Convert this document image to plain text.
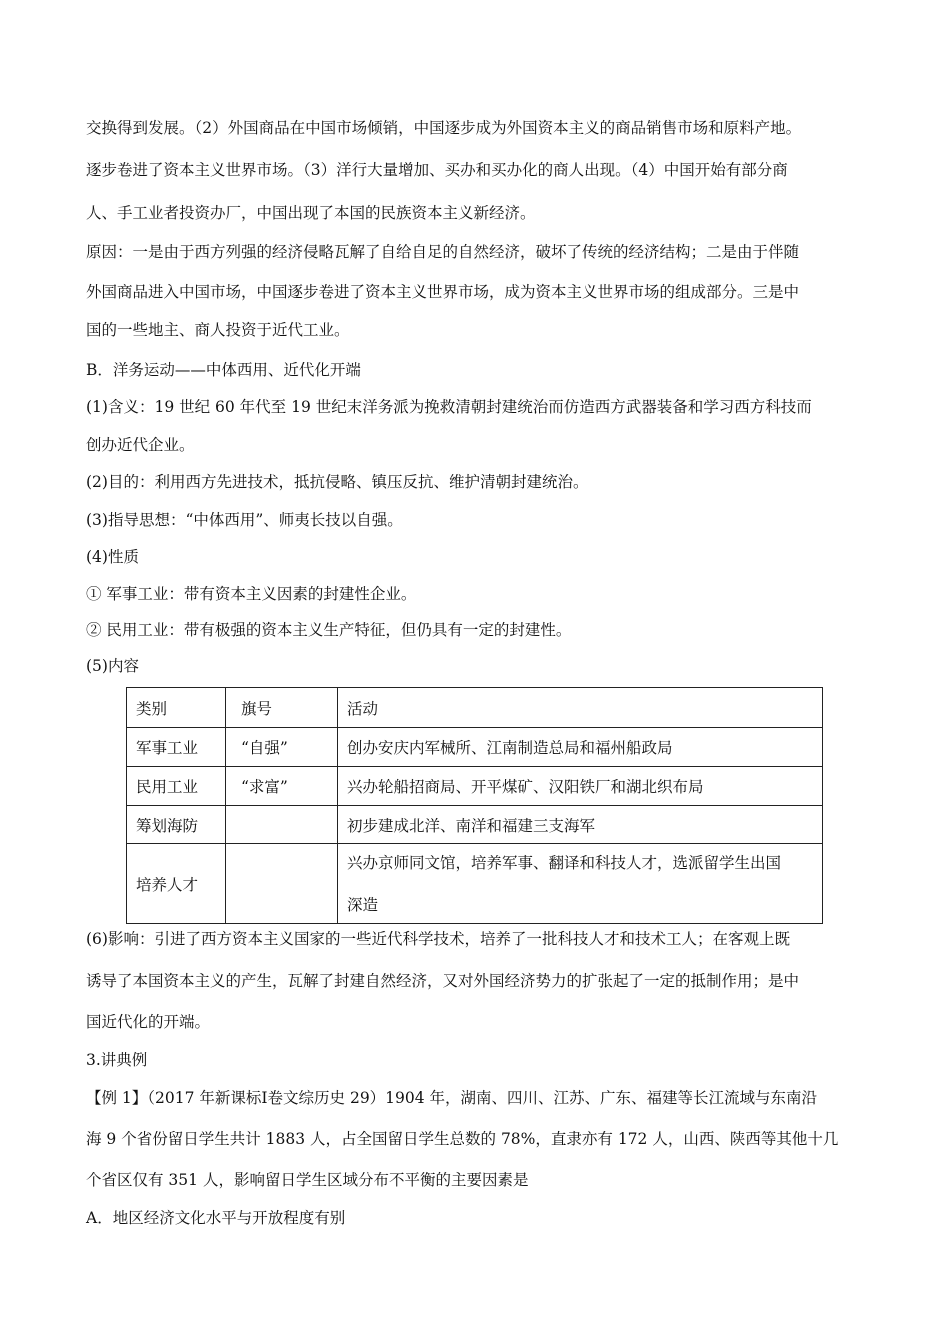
交换得到发展。（2）外国商品在中国市场倾销，中国逐步成为外国资本主义的商品销售市场和原料产地。
逐步卷进了资本主义世界市场。（3）洋行大量增加、买办和买办化的商人出现。（4）中国开始有部分商
人、手工业者投资办厂，中国出现了本国的民族资本主义新经济。
原因：一是由于西方列强的经济侵略瓦解了自给自足的自然经济，破坏了传统的经济结构；二是由于伴随
外国商品进入中国市场，中国逐步卷进了资本主义世界市场，成为资本主义世界市场的组成部分。三是中
国的一些地主、商人投资于近代工业。
B．洋务运动——中体西用、近代化开端
(1)含义：19 世纪 60 年代至 19 世纪末洋务派为挽救清朝封建统治而仿造西方武器装备和学习西方科技而
创办近代企业。
(2)目的：利用西方先进技术，抵抗侵略、镇压反抗、维护清朝封建统治。
(3)指导思想：“中体西用”、师夷长技以自强。
(4)性质
① 军事工业：带有资本主义因素的封建性企业。
② 民用工业：带有极强的资本主义生产特征，但仍具有一定的封建性。
(5)内容
类别	旗号	活动
军事工业	“自强”	创办安庆内军械所、江南制造总局和福州船政局
民用工业	“求富”	兴办轮船招商局、开平煤矿、汉阳铁厂和湖北织布局
筹划海防		初步建成北洋、南洋和福建三支海军
培养人才		兴办京师同文馆，培养军事、翻译和科技人才，选派留学生出国
深造
(6)影响：引进了西方资本主义国家的一些近代科学技术，培养了一批科技人才和技术工人；在客观上既
诱导了本国资本主义的产生，瓦解了封建自然经济，又对外国经济势力的扩张起了一定的抵制作用；是中
国近代化的开端。
3.讲典例
【例 1】（2017 年新课标Ⅰ卷文综历史 29）1904 年，湖南、四川、江苏、广东、福建等长江流域与东南沿
海 9 个省份留日学生共计 1883 人，占全国留日学生总数的 78%，直隶亦有 172 人，山西、陕西等其他十几
个省区仅有 351 人，影响留日学生区域分布不平衡的主要因素是
A．地区经济文化水平与开放程度有别
